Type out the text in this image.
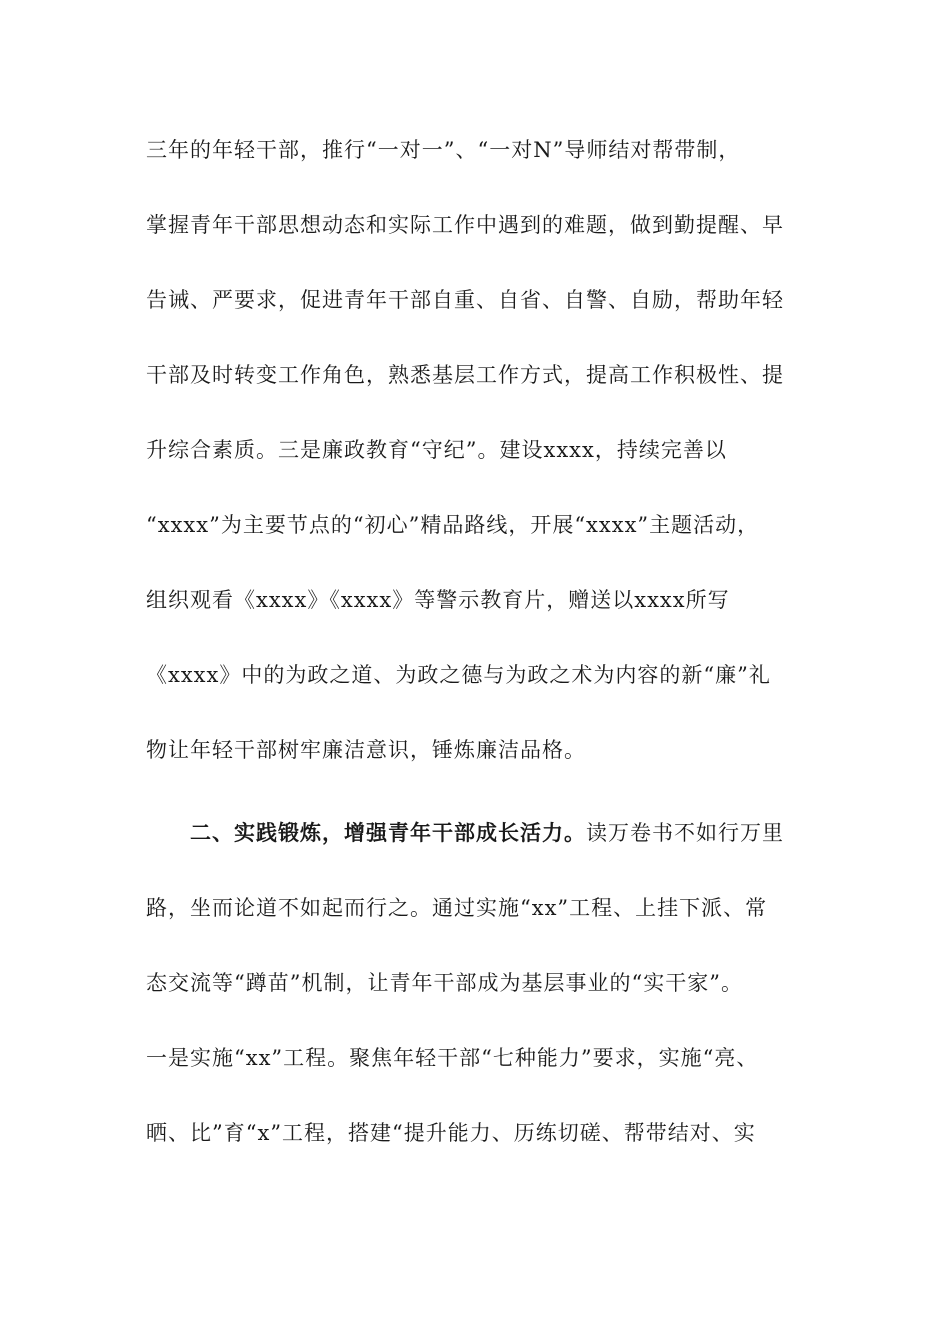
三年的年轻干部，推行“一对一”、“一对N”导师结对帮带制，
掌握青年干部思想动态和实际工作中遇到的难题，做到勤提醒、早
告诫、严要求，促进青年干部自重、自省、自警、自励，帮助年轻
干部及时转变工作角色，熟悉基层工作方式，提高工作积极性、提
升综合素质。三是廉政教育“守纪”。建设xxxx，持续完善以
“xxxx”为主要节点的“初心”精品路线，开展“xxxx”主题活动，
组织观看《xxxx》《xxxx》等警示教育片，赠送以xxxx所写
《xxxx》中的为政之道、为政之德与为政之术为内容的新“廉”礼
物让年轻干部树牢廉洁意识，锤炼廉洁品格。
二、实践锻炼，增强青年干部成长活力。读万卷书不如行万里
路，坐而论道不如起而行之。通过实施“xx”工程、上挂下派、常
态交流等“蹲苗”机制，让青年干部成为基层事业的“实干家”。
一是实施“xx”工程。聚焦年轻干部“七种能力”要求，实施“亮、
晒、比”育“x”工程，搭建“提升能力、历练切磋、帮带结对、实
